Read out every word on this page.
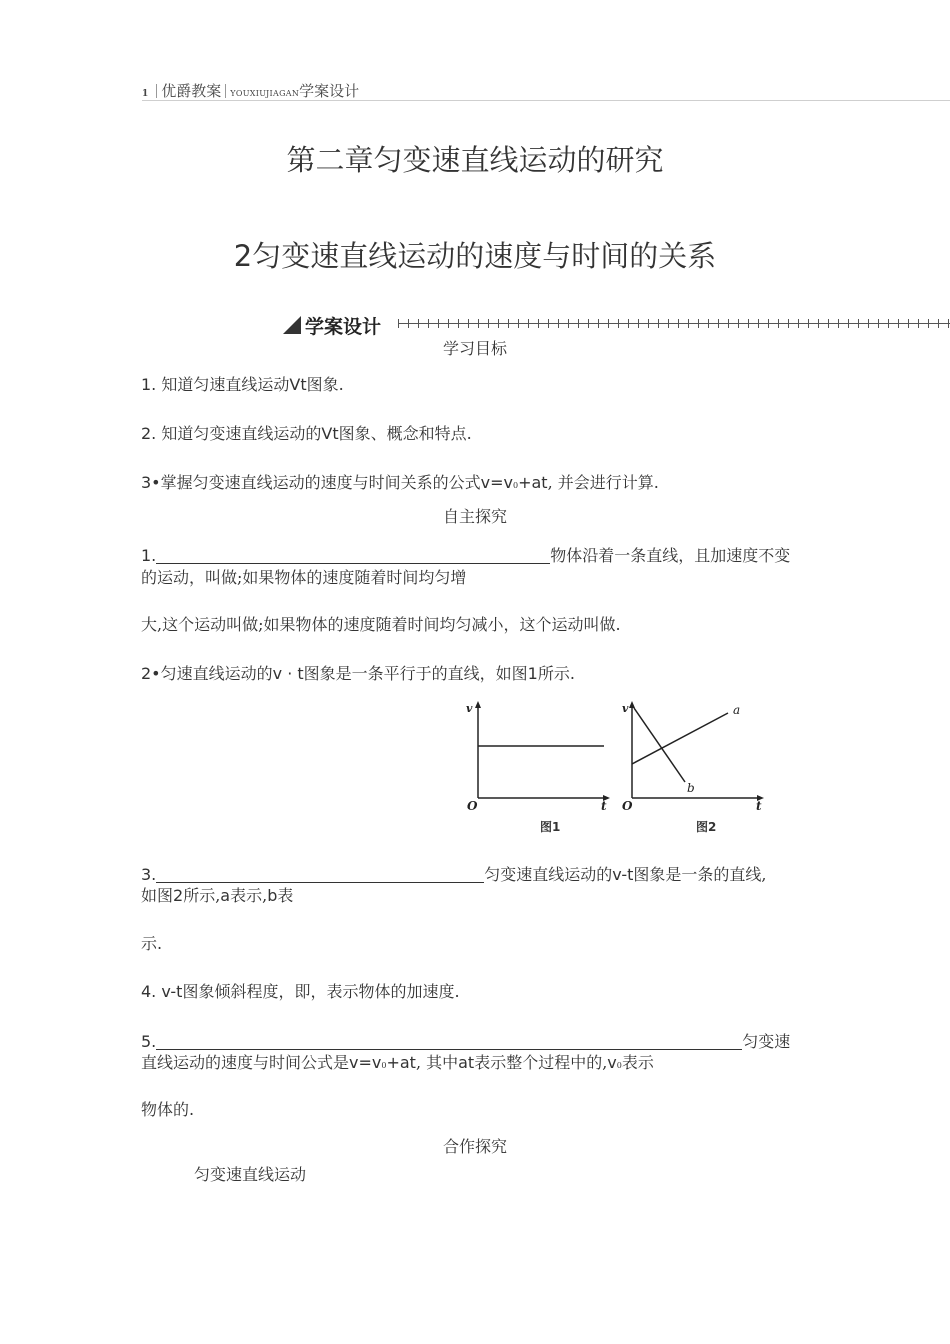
1 优爵教案 YOUXIUJIAGAN学案设计
第二章匀变速直线运动的研究
2匀变速直线运动的速度与时间的关系
学案设计
学习目标
1. 知道匀速直线运动Vt图象.
2. 知道匀变速直线运动的Vt图象、概念和特点.
3•掌握匀变速直线运动的速度与时间关系的公式v=v0+at, 并会进行计算.
自主探究
1.	物体沿着一条直线，且加速度不变
的运动，叫做;如果物体的速度随着时间均匀增
大,这个运动叫做;如果物体的速度随着时间均匀减小，这个运动叫做.
2•匀速直线运动的v · t图象是一条平行于的直线，如图1所示.
v
t
O
v	a
b
t
O
图1	图2
3.	匀变速直线运动的v-t图象是一条的直线,
如图2所示,a表示,b表
示.
4. v-t图象倾斜程度，即，表示物体的加速度.
5.	匀变速
直线运动的速度与时间公式是v=v0+at, 其中at表示整个过程中的,v0表示
物体的.
合作探究
匀变速直线运动
